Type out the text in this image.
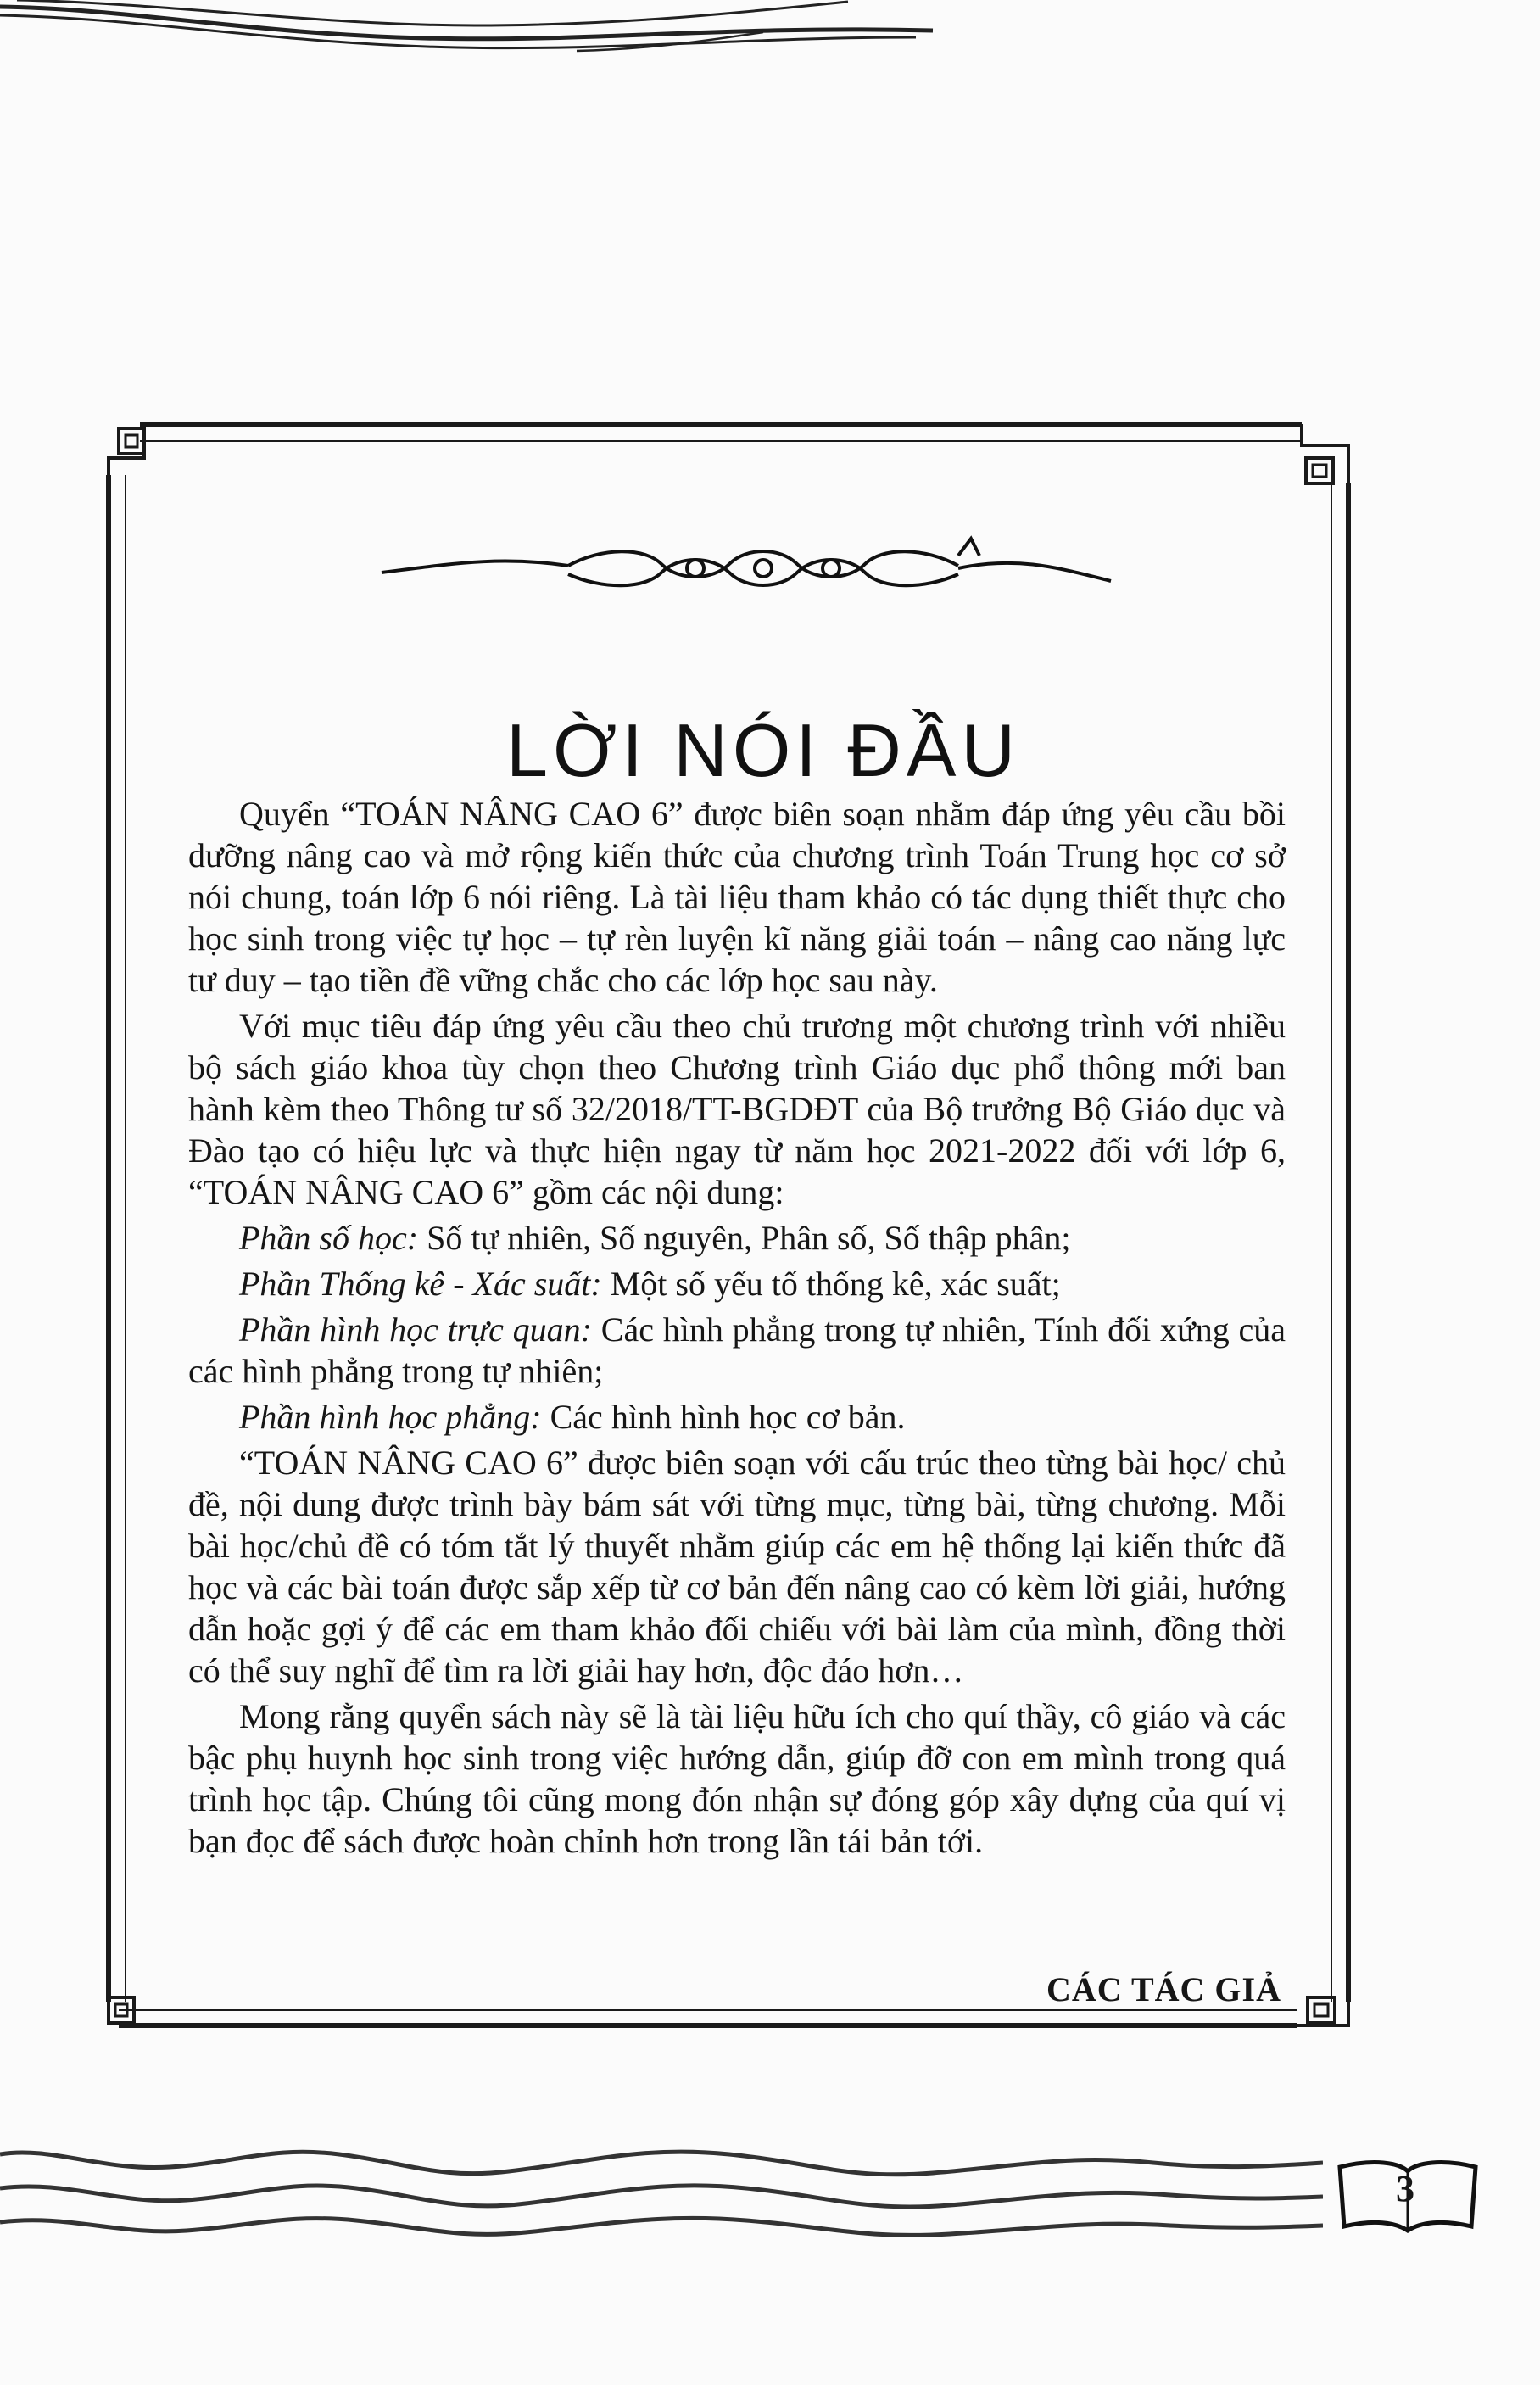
LỜI NÓI ĐẦU

Quyển “TOÁN NÂNG CAO 6” được biên soạn nhằm đáp ứng yêu cầu bồi dưỡng nâng cao và mở rộng kiến thức của chương trình Toán Trung học cơ sở nói chung, toán lớp 6 nói riêng. Là tài liệu tham khảo có tác dụng thiết thực cho học sinh trong việc tự học – tự rèn luyện kĩ năng giải toán – nâng cao năng lực tư duy – tạo tiền đề vững chắc cho các lớp học sau này.

Với mục tiêu đáp ứng yêu cầu theo chủ trương một chương trình với nhiều bộ sách giáo khoa tùy chọn theo Chương trình Giáo dục phổ thông mới ban hành kèm theo Thông tư số 32/2018/TT-BGDĐT của Bộ trưởng Bộ Giáo dục và Đào tạo có hiệu lực và thực hiện ngay từ năm học 2021-2022 đối với lớp 6, “TOÁN NÂNG CAO 6” gồm các nội dung:

Phần số học: Số tự nhiên, Số nguyên, Phân số, Số thập phân;

Phần Thống kê - Xác suất: Một số yếu tố thống kê, xác suất;

Phần hình học trực quan: Các hình phẳng trong tự nhiên, Tính đối xứng của các hình phẳng trong tự nhiên;

Phần hình học phẳng: Các hình hình học cơ bản.

“TOÁN NÂNG CAO 6” được biên soạn với cấu trúc theo từng bài học/ chủ đề, nội dung được trình bày bám sát với từng mục, từng bài, từng chương. Mỗi bài học/chủ đề có tóm tắt lý thuyết nhằm giúp các em hệ thống lại kiến thức đã học và các bài toán được sắp xếp từ cơ bản đến nâng cao có kèm lời giải, hướng dẫn hoặc gợi ý để các em tham khảo đối chiếu với bài làm của mình, đồng thời có thể suy nghĩ để tìm ra lời giải hay hơn, độc đáo hơn…

Mong rằng quyển sách này sẽ là tài liệu hữu ích cho quí thầy, cô giáo và các bậc phụ huynh học sinh trong việc hướng dẫn, giúp đỡ con em mình trong quá trình học tập. Chúng tôi cũng mong đón nhận sự đóng góp xây dựng của quí vị bạn đọc để sách được hoàn chỉnh hơn trong lần tái bản tới.

CÁC TÁC GIẢ
3
